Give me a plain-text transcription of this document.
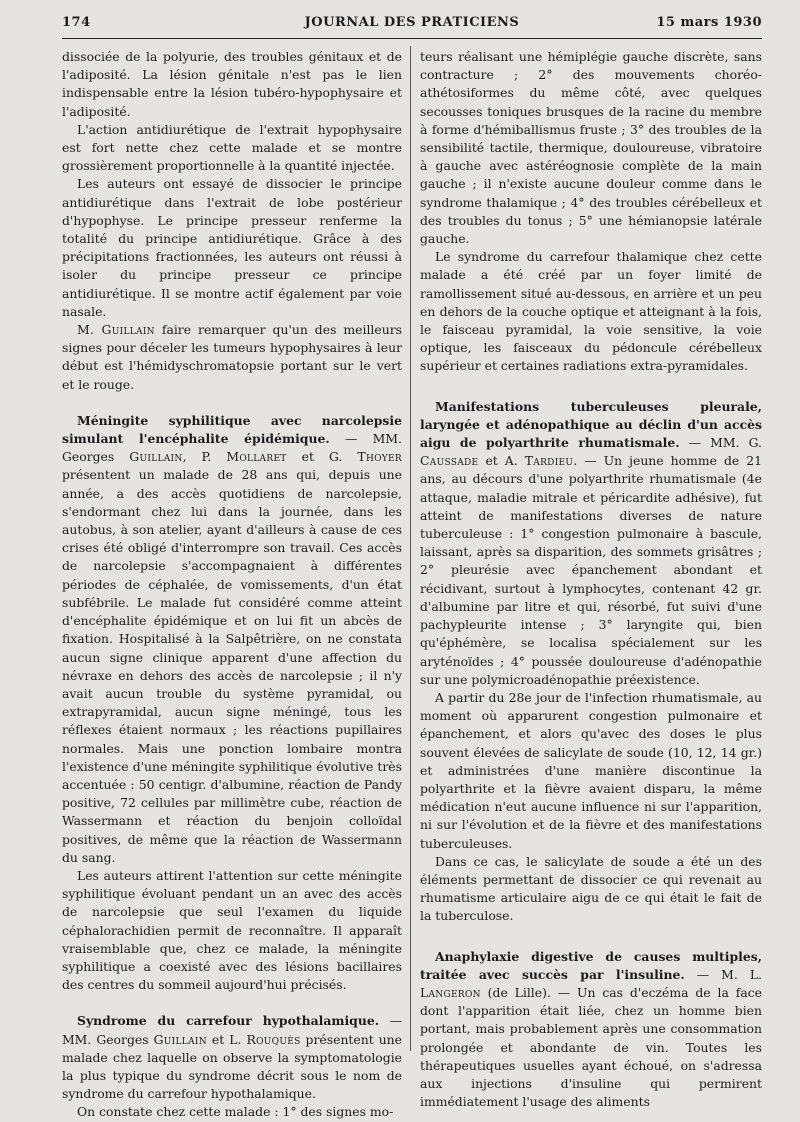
174	JOURNAL DES PRATICIENS	15 mars 1930

dissociée de la polyurie, des troubles génitaux et de l'adiposité. La lésion génitale n'est pas le lien indispensable entre la lésion tubéro-hypophysaire et l'adiposité.

L'action antidiurétique de l'extrait hypophysaire est fort nette chez cette malade et se montre grossièrement proportionnelle à la quantité injectée.

Les auteurs ont essayé de dissocier le principe antidiurétique dans l'extrait de lobe postérieur d'hypophyse. Le principe presseur renferme la totalité du principe antidiurétique. Grâce à des précipitations fractionnées, les auteurs ont réussi à isoler du principe presseur ce principe antidiurétique. Il se montre actif également par voie nasale.

M. Guillain faire remarquer qu'un des meilleurs signes pour déceler les tumeurs hypophysaires à leur début est l'hémidyschromatopsie portant sur le vert et le rouge.

Méningite syphilitique avec narcolepsie simulant l'encéphalite épidémique. — MM. Georges Guillain, P. Mollaret et G. Thoyer présentent un malade de 28 ans qui, depuis une année, a des accès quotidiens de narcolepsie, s'endormant chez lui dans la journée, dans les autobus, à son atelier, ayant d'ailleurs à cause de ces crises été obligé d'interrompre son travail. Ces accès de narcolepsie s'accompagnaient à différentes périodes de céphalée, de vomissements, d'un état subfébrile. Le malade fut considéré comme atteint d'encéphalite épidémique et on lui fit un abcès de fixation. Hospitalisé à la Salpêtrière, on ne constata aucun signe clinique apparent d'une affection du névraxe en dehors des accès de narcolepsie ; il n'y avait aucun trouble du système pyramidal, ou extrapyramidal, aucun signe méningé, tous les réflexes étaient normaux ; les réactions pupillaires normales. Mais une ponction lombaire montra l'existence d'une méningite syphilitique évolutive très accentuée : 50 centigr. d'albumine, réaction de Pandy positive, 72 cellules par millimètre cube, réaction de Wassermann et réaction du benjoin colloïdal positives, de même que la réaction de Wassermann du sang.

Les auteurs attirent l'attention sur cette méningite syphilitique évoluant pendant un an avec des accès de narcolepsie que seul l'examen du liquide céphalorachidien permit de reconnaître. Il apparaît vraisemblable que, chez ce malade, la méningite syphilitique a coexisté avec des lésions bacillaires des centres du sommeil aujourd'hui précisés.

Syndrome du carrefour hypothalamique. — MM. Georges Guillain et L. Rouquès présentent une malade chez laquelle on observe la symptomatologie la plus typique du syndrome décrit sous le nom de syndrome du carrefour hypothalamique.

On constate chez cette malade : 1° des signes mo-

teurs réalisant une hémiplégie gauche discrète, sans contracture ; 2° des mouvements choréo-athétosiformes du même côté, avec quelques secousses toniques brusques de la racine du membre à forme d'hémiballismus fruste ; 3° des troubles de la sensibilité tactile, thermique, douloureuse, vibratoire à gauche avec astéréognosie complète de la main gauche ; il n'existe aucune douleur comme dans le syndrome thalamique ; 4° des troubles cérébelleux et des troubles du tonus ; 5° une hémianopsie latérale gauche.

Le syndrome du carrefour thalamique chez cette malade a été créé par un foyer limité de ramollissement situé au-dessous, en arrière et un peu en dehors de la couche optique et atteignant à la fois, le faisceau pyramidal, la voie sensitive, la voie optique, les faisceaux du pédoncule cérébelleux supérieur et certaines radiations extra-pyramidales.

Manifestations tuberculeuses pleurale, laryngée et adénopathique au déclin d'un accès aigu de polyarthrite rhumatismale. — MM. G. Caussade et A. Tardieu. — Un jeune homme de 21 ans, au décours d'une polyarthrite rhumatismale (4e attaque, maladie mitrale et péricardite adhésive), fut atteint de manifestations diverses de nature tuberculeuse : 1° congestion pulmonaire à bascule, laissant, après sa disparition, des sommets grisâtres ; 2° pleurésie avec épanchement abondant et récidivant, surtout à lymphocytes, contenant 42 gr. d'albumine par litre et qui, résorbé, fut suivi d'une pachypleurite intense ; 3° laryngite qui, bien qu'éphémère, se localisa spécialement sur les aryténoïdes ; 4° poussée douloureuse d'adénopathie sur une polymicroadénopathie préexistence.

A partir du 28e jour de l'infection rhumatismale, au moment où apparurent congestion pulmonaire et épanchement, et alors qu'avec des doses le plus souvent élevées de salicylate de soude (10, 12, 14 gr.) et administrées d'une manière discontinue la polyarthrite et la fièvre avaient disparu, la même médication n'eut aucune influence ni sur l'apparition, ni sur l'évolution et de la fièvre et des manifestations tuberculeuses.

Dans ce cas, le salicylate de soude a été un des éléments permettant de dissocier ce qui revenait au rhumatisme articulaire aigu de ce qui était le fait de la tuberculose.

Anaphylaxie digestive de causes multiples, traitée avec succès par l'insuline. — M. L. Langeron (de Lille). — Un cas d'eczéma de la face dont l'apparition était liée, chez un homme bien portant, mais probablement après une consommation prolongée et abondante de vin. Toutes les thérapeutiques usuelles ayant échoué, on s'adressa aux injections d'insuline qui permirent immédiatement l'usage des aliments
